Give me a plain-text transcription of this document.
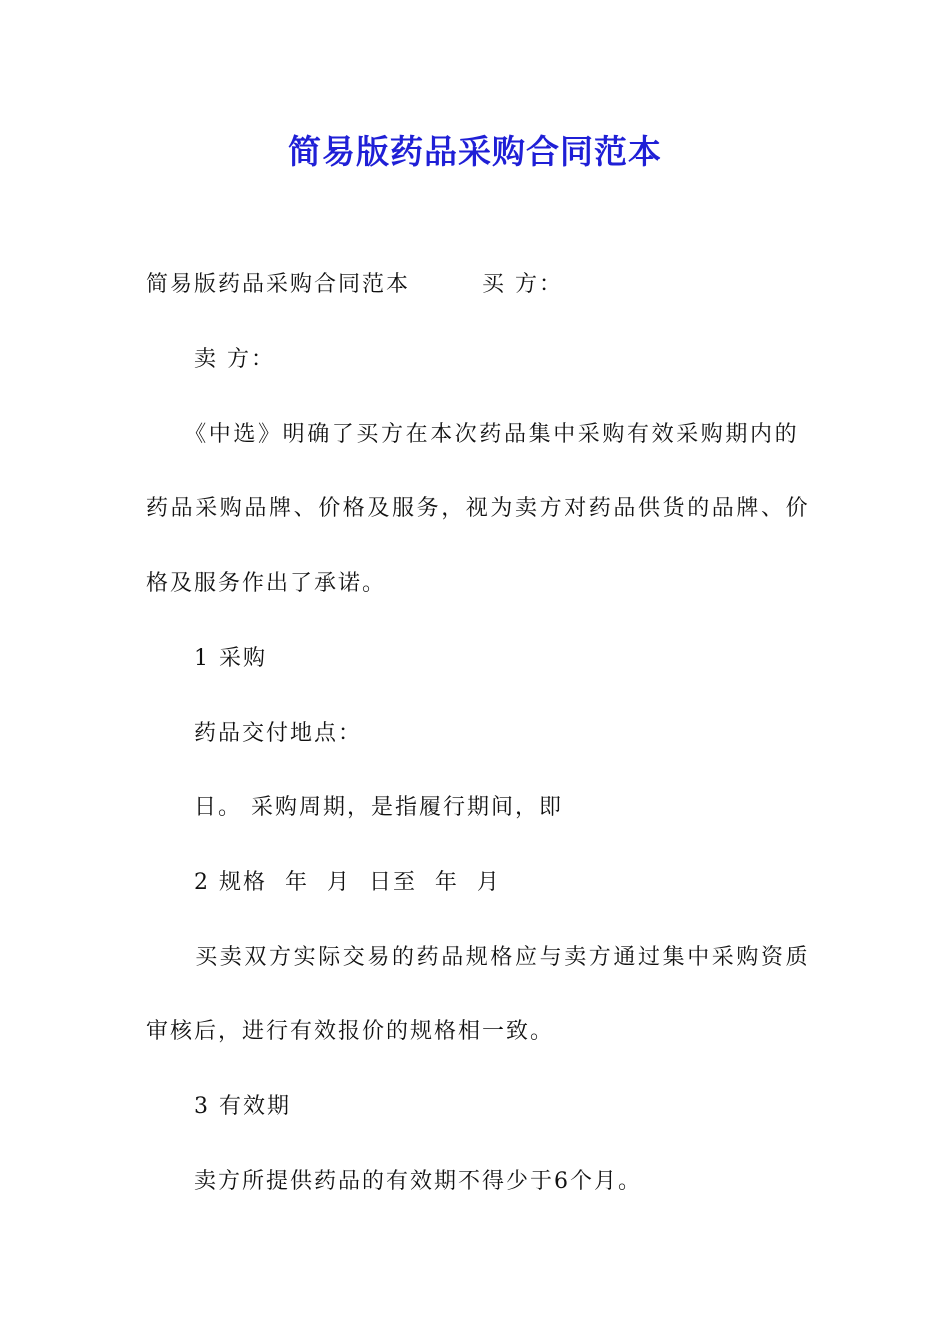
简易版药品采购合同范本
简易版药品采购合同范本　　　买 方：
　　卖 方：
　　《中选》明确了买方在本次药品集中采购有效采购期内的
药品采购品牌、价格及服务，视为卖方对药品供货的品牌、价
格及服务作出了承诺。
　　1 采购
　　药品交付地点：
　　日。 采购周期，是指履行期间，即
　　2 规格  年  月  日至  年  月
　　买卖双方实际交易的药品规格应与卖方通过集中采购资质
审核后，进行有效报价的规格相一致。
　　3 有效期
　　卖方所提供药品的有效期不得少于6个月。
